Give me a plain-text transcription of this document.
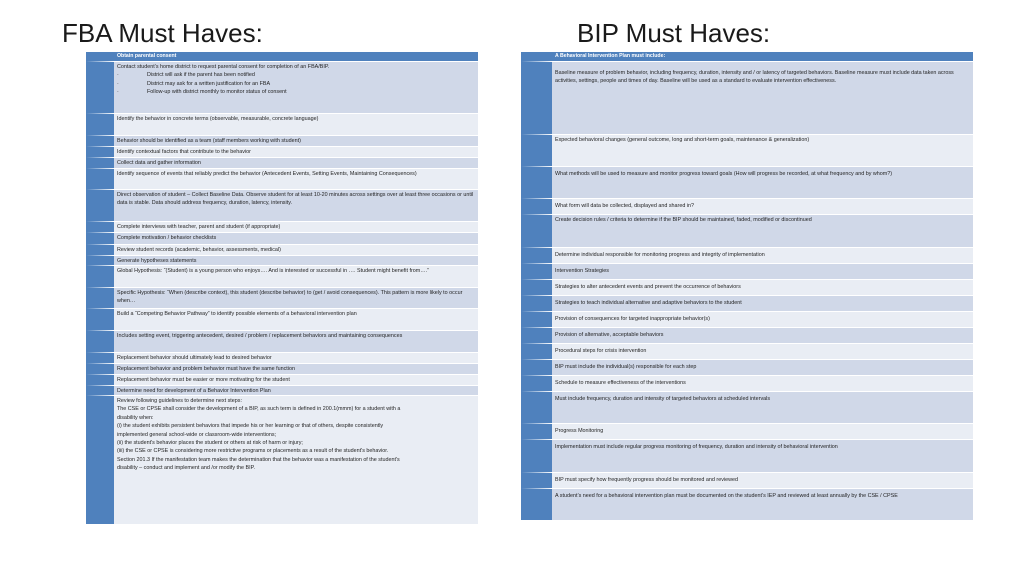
FBA Must Haves:	BIP Must Haves:
Obtain parental consent
Contact student’s home district to request parental consent for completion of an FBA/BIP.
·	District will ask if the parent has been notified
·	District may ask for a written justification for an FBA
·	Follow-up with district monthly to monitor status of consent
Identify the behavior in concrete terms (observable, measurable, concrete language)
Behavior should be identified as a team (staff members working with student)
Identify contextual factors that contribute to the behavior
Collect data and gather information
Identify sequence of events that reliably predict the behavior (Antecedent Events, Setting Events, Maintaining Consequences)
Direct observation of student – Collect Baseline Data. Observe student for at least 10-20 minutes across settings over at least three occasions or until data is stable. Data should address frequency, duration, latency, intensity.
Complete interviews with teacher, parent and student (if appropriate)
Complete motivation / behavior checklists
Review student records (academic, behavior, assessments, medical)
Generate hypotheses statements
Global Hypothesis: “(Student) is a young person who enjoys…. And is interested or successful in …. Student might benefit from….”
Specific Hypothesis: “When (describe context), this student (describe behavior) to (get / avoid consequences). This pattern is more likely to occur when…
Build a “Competing Behavior Pathway” to identify possible elements of a behavioral intervention plan
Includes setting event, triggering antecedent, desired / problem / replacement behaviors and maintaining consequences
Replacement behavior should ultimately lead to desired behavior
Replacement behavior and problem behavior must have the same function
Replacement behavior must be easier or more motivating for the student
Determine need for development of a Behavior Intervention Plan
Review following guidelines to determine next steps:
The CSE or CPSE shall consider the development of a BIP, as such term is defined in 200.1(mmm) for a student with a
disability when:
(i) the student exhibits persistent behaviors that impede his or her learning or that of others, despite consistently
implemented general school-wide or classroom-wide interventions;
(ii) the student's behavior places the student or others at risk of harm or injury;
(iii) the CSE or CPSE is considering more restrictive programs or placements as a result of the student's behavior.
Section 201.3 If the manifestation team makes the determination that the behavior was a manifestation of the student's
disability – conduct and implement and /or modify the BIP.
A Behavioral Intervention Plan must include:
Baseline measure of problem behavior, including frequency, duration, intensity and / or latency of targeted behaviors. Baseline measure must include data taken across activities, settings, people and times of day. Baseline will be used as a standard to evaluate intervention effectiveness.
Expected behavioral changes (general outcome, long and short-term goals, maintenance & generalization)
What methods will be used to measure and monitor progress toward goals (How will progress be recorded, at what frequency and by whom?)
What form will data be collected, displayed and shared in?
Create decision rules / criteria to determine if the BIP should be maintained, faded, modified or discontinued
Determine individual responsible for monitoring progress and integrity of implementation
Intervention Strategies
Strategies to alter antecedent events and prevent the occurrence of behaviors
Strategies to teach individual alternative and adaptive behaviors to the student
Provision of consequences for targeted inappropriate behavior(s)
Provision of alternative, acceptable behaviors
Procedural steps for crisis intervention
BIP must include the individual(s) responsible for each step
Schedule to measure effectiveness of the interventions
Must include frequency, duration and intensity of targeted behaviors at scheduled intervals
Progress Monitoring
Implementation must include regular progress monitoring of frequency, duration and intensity of behavioral intervention
BIP must specify how frequently progress should be monitored and reviewed
A student’s need for a behavioral intervention plan must be documented on the student’s IEP and reviewed at least annually by the CSE / CPSE
